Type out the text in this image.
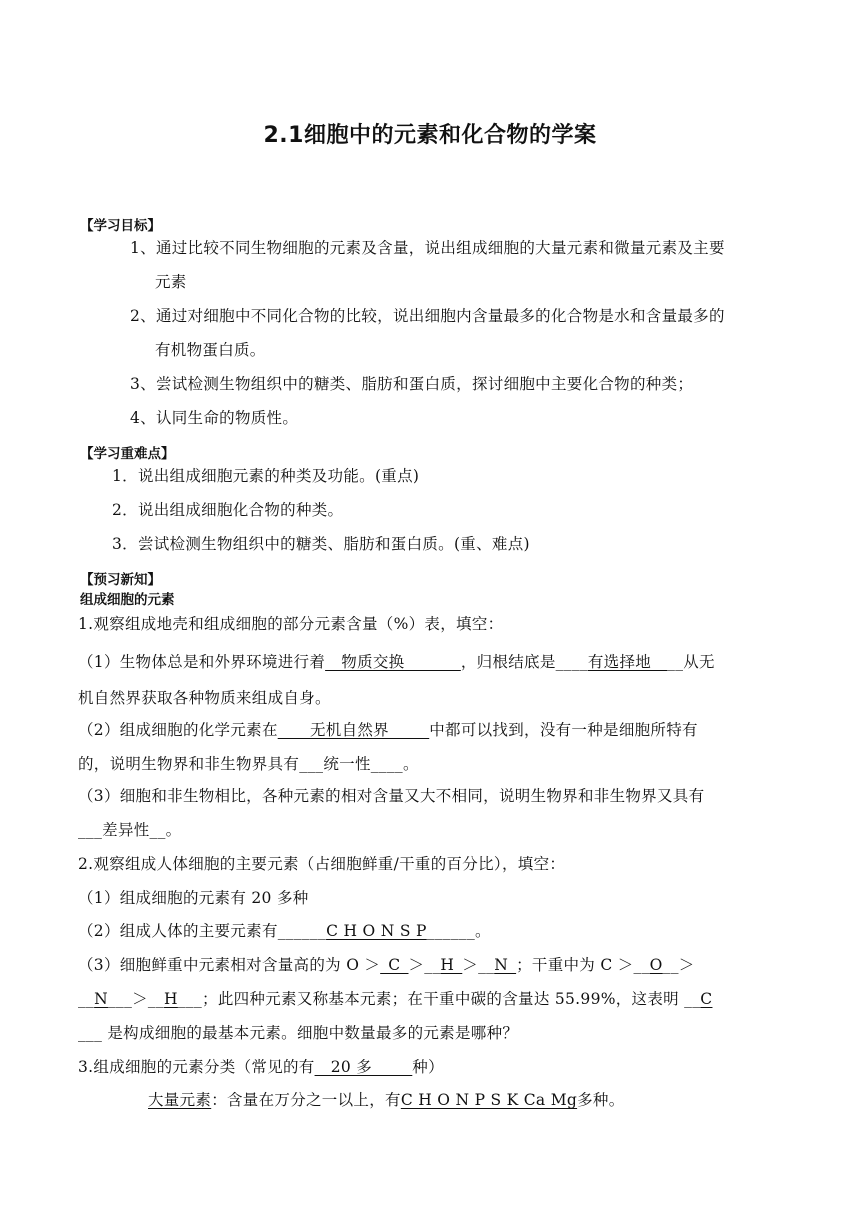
2.1细胞中的元素和化合物的学案
【学习目标】
1、通过比较不同生物细胞的元素及含量，说出组成细胞的大量元素和微量元素及主要
元素
2、通过对细胞中不同化合物的比较，说出细胞内含量最多的化合物是水和含量最多的
有机物蛋白质。
3、尝试检测生物组织中的糖类、脂肪和蛋白质，探讨细胞中主要化合物的种类；
4、认同生命的物质性。
【学习重难点】
1．说出组成细胞元素的种类及功能。(重点)
2．说出组成细胞化合物的种类。
3．尝试检测生物组织中的糖类、脂肪和蛋白质。(重、难点)
【预习新知】
组成细胞的元素
1.观察组成地壳和组成细胞的部分元素含量（%）表，填空：
（1）生物体总是和外界环境进行着__物质交换_______，归根结底是____有选择地____从无
机自然界获取各种物质来组成自身。
（2）组成细胞的化学元素在____无机自然界_____中都可以找到，没有一种是细胞所特有
的，说明生物界和非生物界具有___统一性____。
（3）细胞和非生物相比，各种元素的相对含量又大不相同，说明生物界和非生物界又具有
___差异性__。
2.观察组成人体细胞的主要元素（占细胞鲜重/干重的百分比），填空：
（1）组成细胞的元素有 20 多种
（2）组成人体的主要元素有______C H O N S P______。
（3）细胞鲜重中元素相对含量高的为 O ＞_C_＞__H_＞__N_；干重中为 C ＞__O__＞
__N___＞__H___；此四种元素又称基本元素；在干重中碳的含量达 55.99%，这表明 __C
___ 是构成细胞的最基本元素。细胞中数量最多的元素是哪种？
3.组成细胞的元素分类（常见的有__20 多_____种）
大量元素：含量在万分之一以上，有C H O N P S K Ca Mg多种。
